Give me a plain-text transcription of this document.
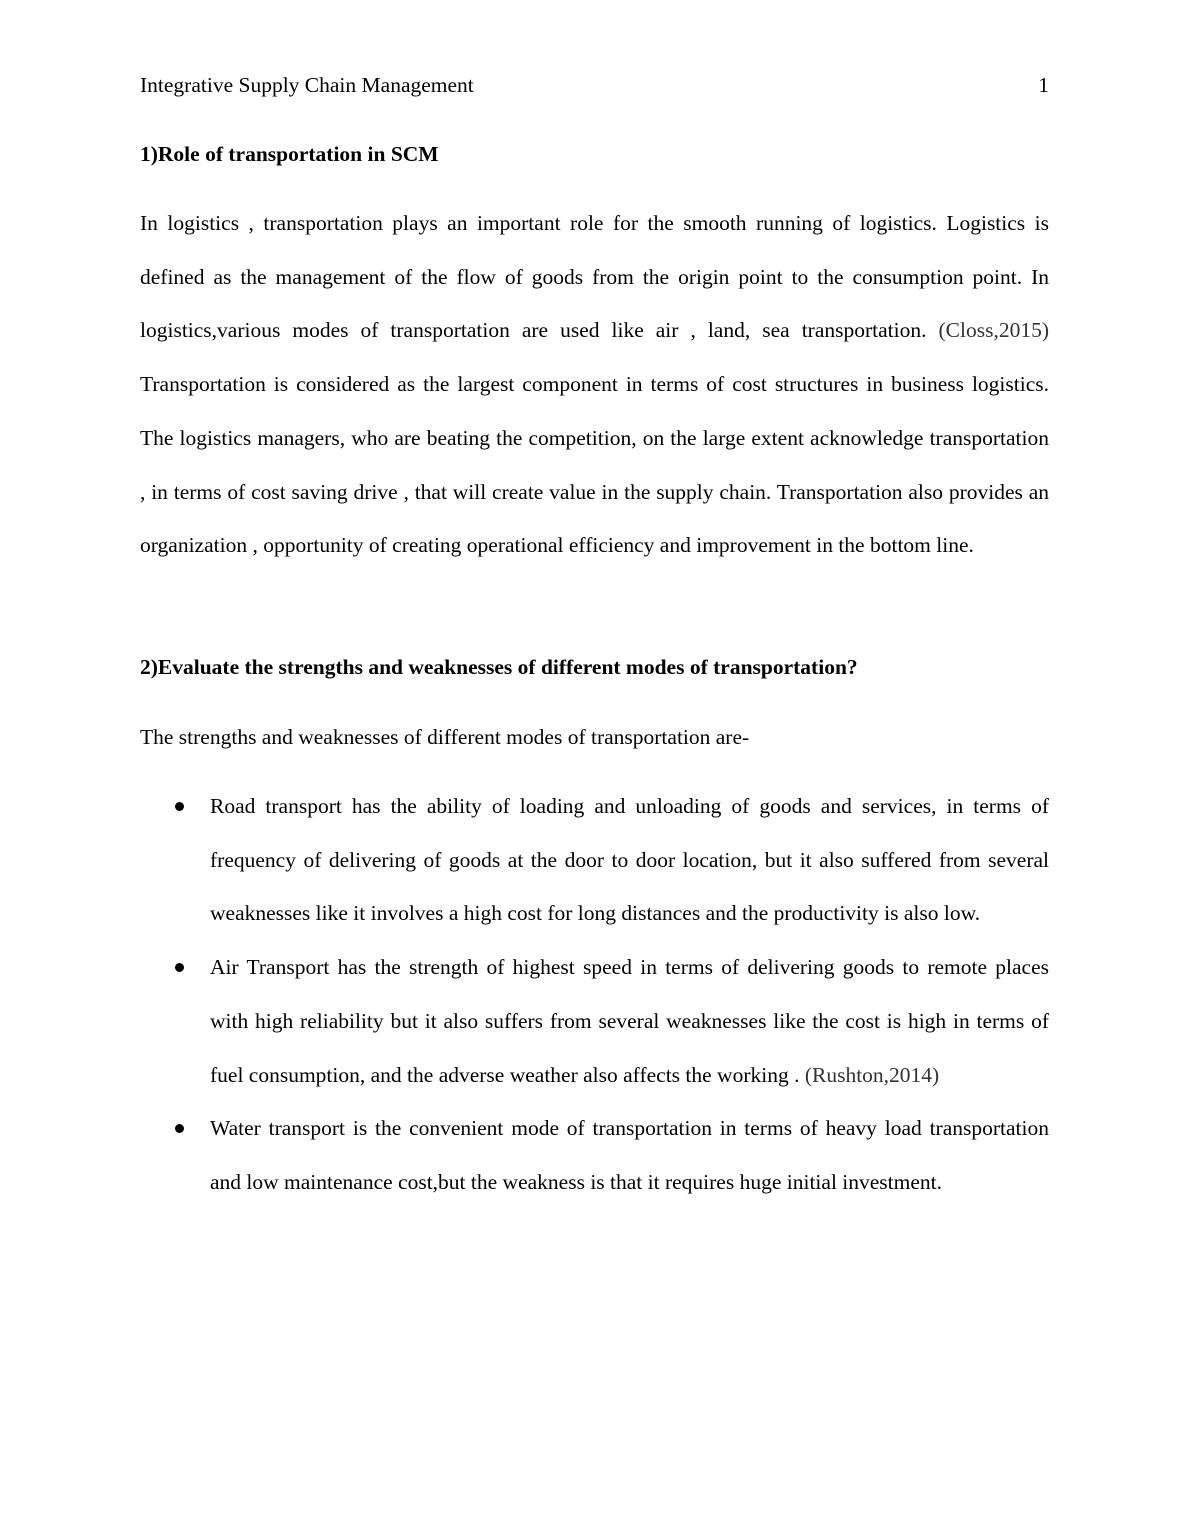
Integrative Supply Chain Management	1
1)Role of transportation in SCM

In logistics , transportation plays an important role for the smooth running of logistics. Logistics is defined as the management of the flow of goods from the origin point to the consumption point. In logistics,various modes of transportation are used like air , land, sea transportation. (Closs,2015) Transportation is considered as the largest component in terms of cost structures in business logistics. The logistics managers, who are beating the competition, on the large extent acknowledge transportation , in terms of cost saving drive , that will create value in the supply chain. Transportation also provides an organization , opportunity of creating operational efficiency and improvement in the bottom line.

2)Evaluate the strengths and weaknesses of different modes of transportation?

The strengths and weaknesses of different modes of transportation are-

Road transport has the ability of loading and unloading of goods and services, in terms of frequency of delivering of goods at the door to door location, but it also suffered from several weaknesses like it involves a high cost for long distances and the productivity is also low.
Air Transport has the strength of highest speed in terms of delivering goods to remote places with high reliability but it also suffers from several weaknesses like the cost is high in terms of fuel consumption, and the adverse weather also affects the working . (Rushton,2014)
Water transport is the convenient mode of transportation in terms of heavy load transportation and low maintenance cost,but the weakness is that it requires huge initial investment.
